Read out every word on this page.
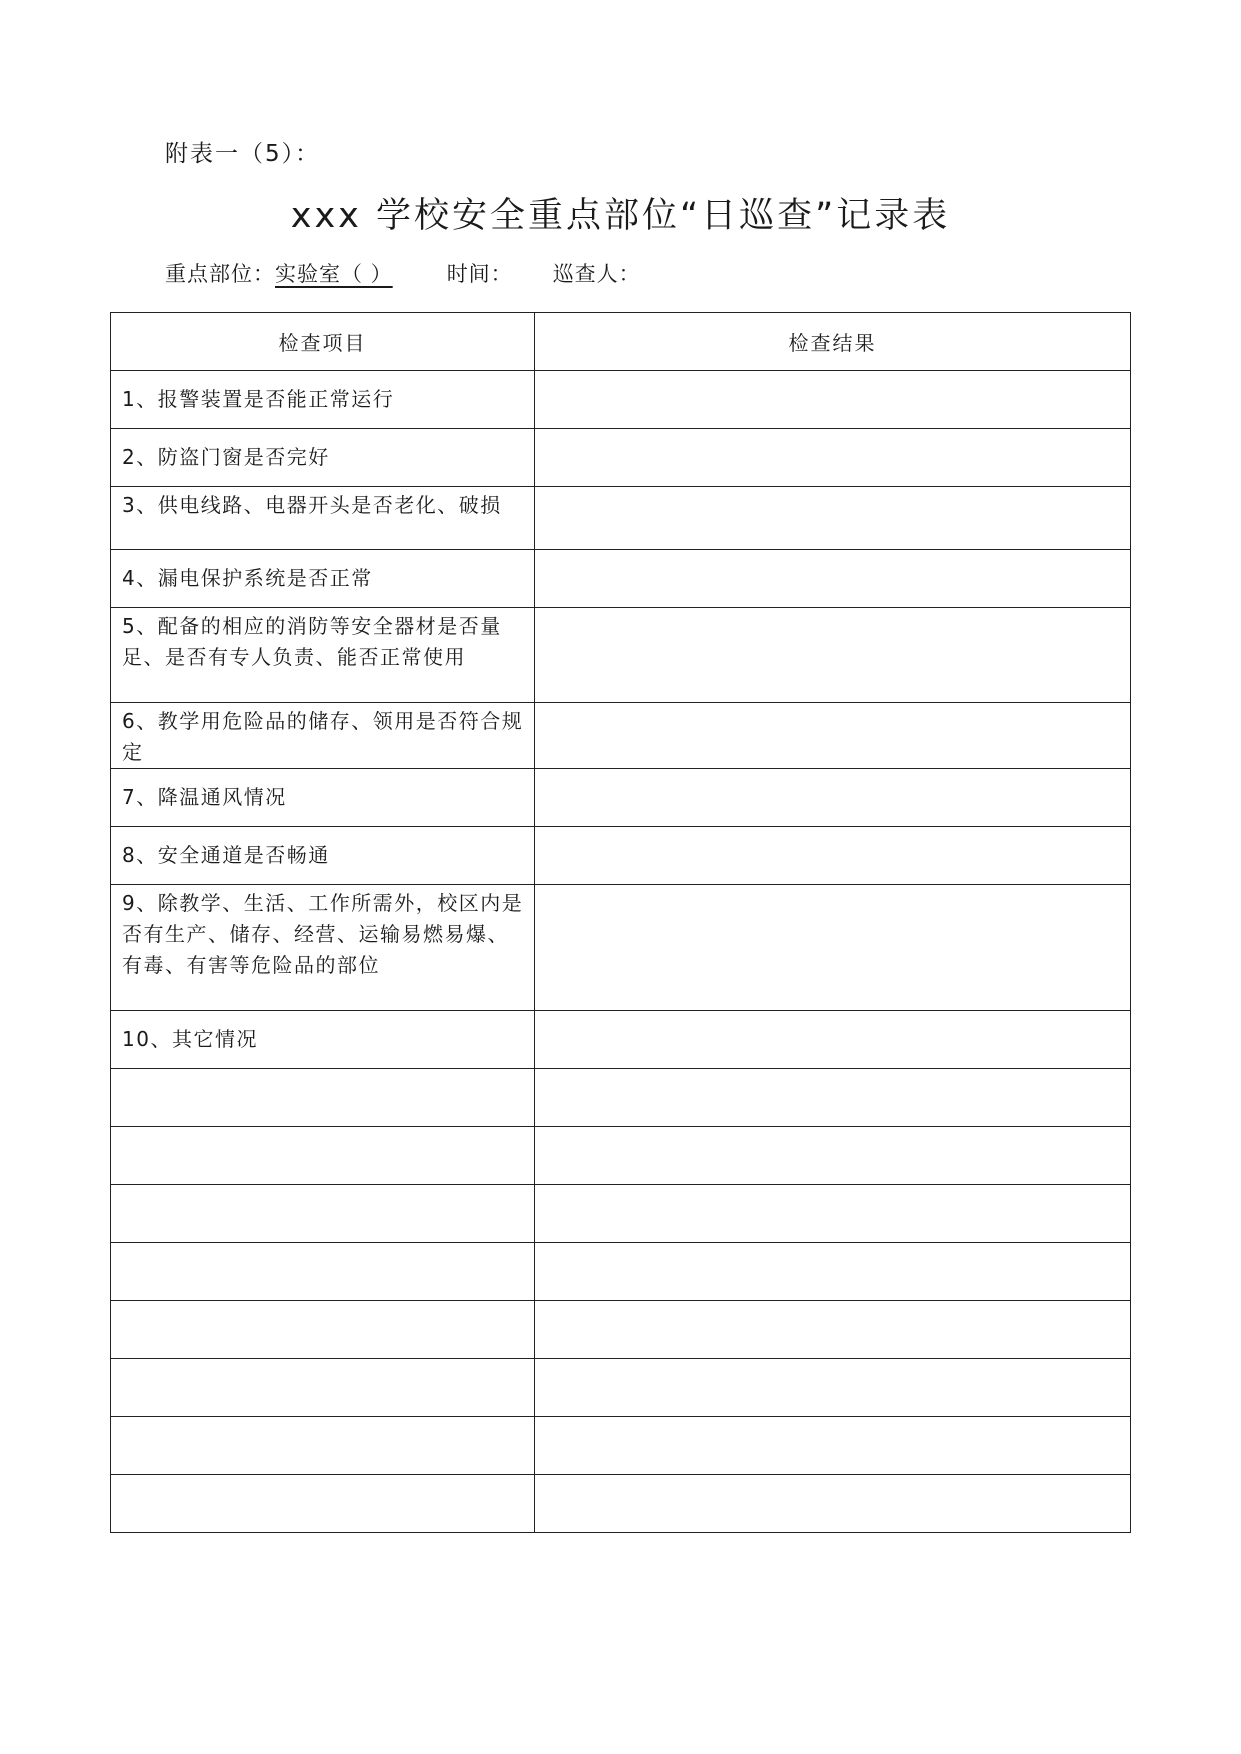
附表一（5）：
xxx 学校安全重点部位“日巡查”记录表
重点部位： 实验室（ ）	时间： 巡查人：
检查项目	检查结果
1、报警装置是否能正常运行	
2、防盗门窗是否完好	
3、供电线路、电器开头是否老化、破损	
4、漏电保护系统是否正常	
5、配备的相应的消防等安全器材是否量足、是否有专人负责、能否正常使用	
6、教学用危险品的储存、领用是否符合规定	
7、降温通风情况	
8、安全通道是否畅通	
9、除教学、生活、工作所需外，校区内是否有生产、储存、经营、运输易燃易爆、有毒、有害等危险品的部位	
10、其它情况	
